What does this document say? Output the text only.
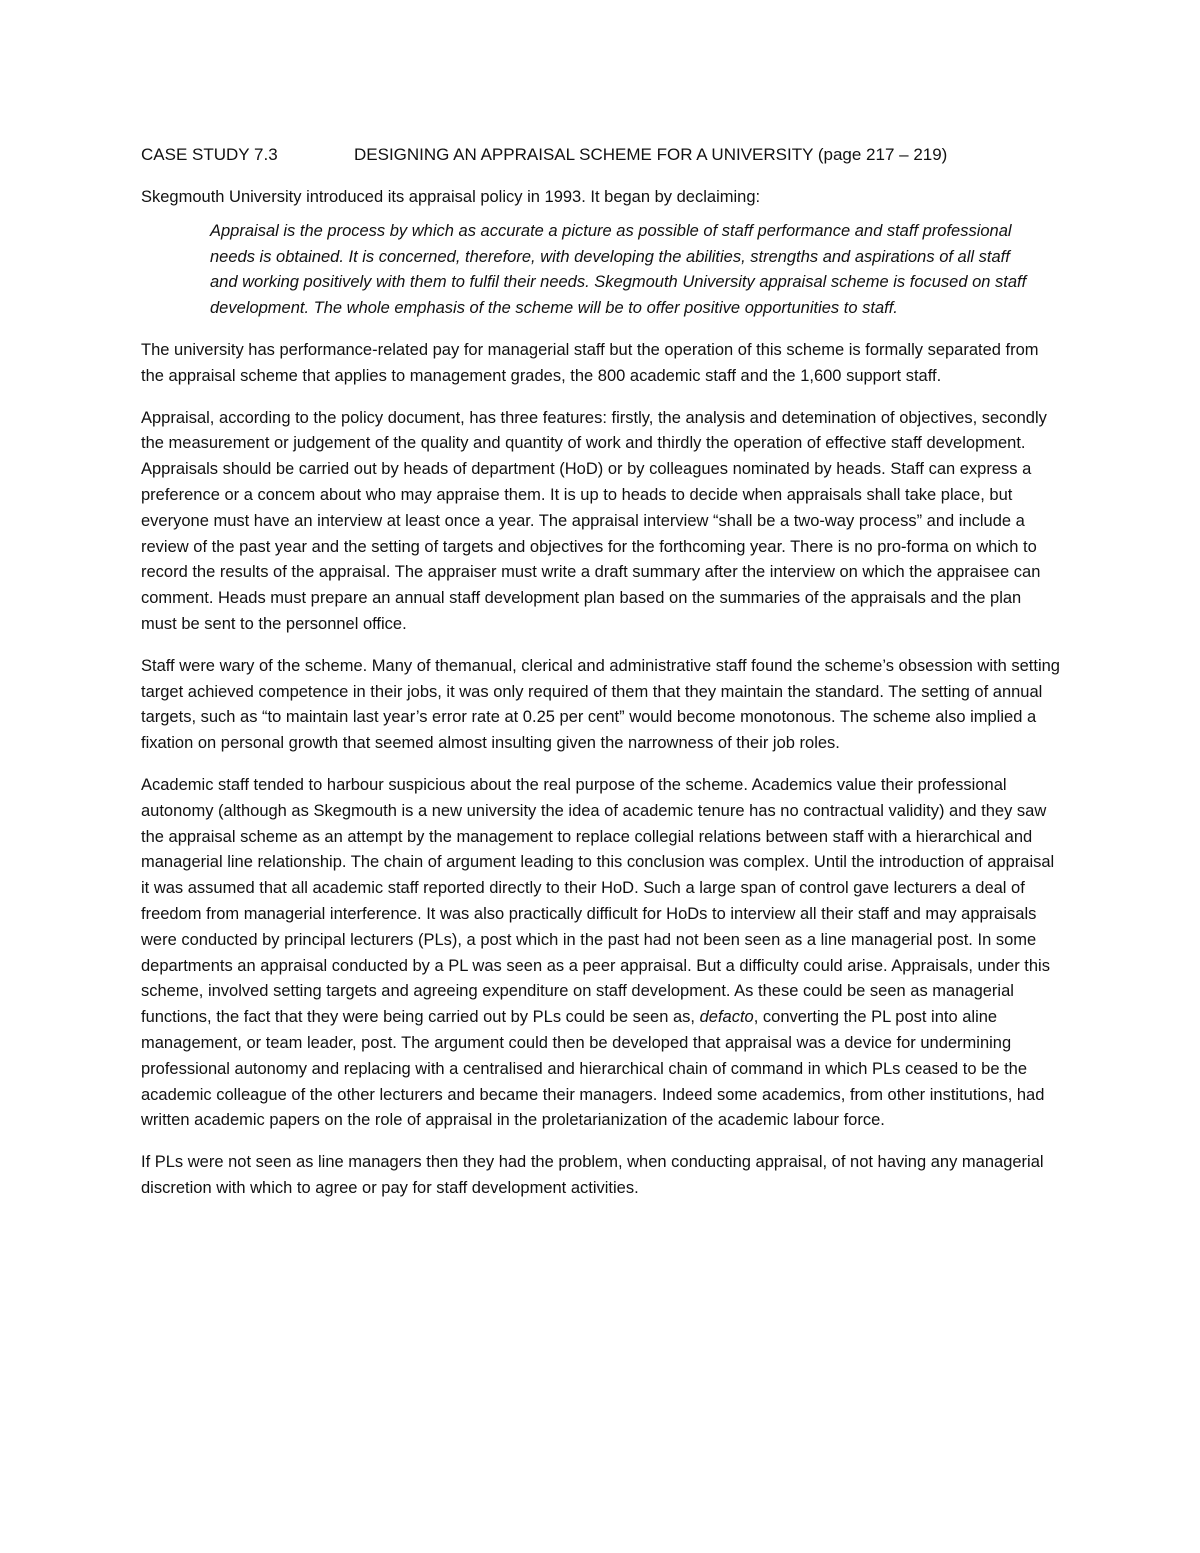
CASE STUDY 7.3	DESIGNING AN APPRAISAL SCHEME FOR A UNIVERSITY (page 217 – 219)

Skegmouth University introduced its appraisal policy in 1993. It began by declaiming:

Appraisal is the process by which as accurate a picture as possible of staff performance and staff professional needs is obtained. It is concerned, therefore, with developing the abilities, strengths and aspirations of all staff and working positively with them to fulfil their needs. Skegmouth University appraisal scheme is focused on staff development. The whole emphasis of the scheme will be to offer positive opportunities to staff.

The university has performance-related pay for managerial staff but the operation of this scheme is formally separated from the appraisal scheme that applies to management grades, the 800 academic staff and the 1,600 support staff.

Appraisal, according to the policy document, has three features: firstly, the analysis and detemination of objectives, secondly the measurement or judgement of the quality and quantity of work and thirdly the operation of effective staff development. Appraisals should be carried out by heads of department (HoD) or by colleagues nominated by heads. Staff can express a preference or a concem about who may appraise them. It is up to heads to decide when appraisals shall take place, but everyone must have an interview at least once a year. The appraisal interview “shall be a two-way process” and include a review of the past year and the setting of targets and objectives for the forthcoming year. There is no pro-forma on which to record the results of the appraisal. The appraiser must write a draft summary after the interview on which the appraisee can comment. Heads must prepare an annual staff development plan based on the summaries of the appraisals and the plan must be sent to the personnel office.

Staff were wary of the scheme. Many of themanual, clerical and administrative staff found the scheme’s obsession with setting target achieved competence in their jobs, it was only required of them that they maintain the standard. The setting of annual targets, such as “to maintain last year’s error rate at 0.25 per cent” would become monotonous. The scheme also implied a fixation on personal growth that seemed almost insulting given the narrowness of their job roles.

Academic staff tended to harbour suspicious about the real purpose of the scheme. Academics value their professional autonomy (although as Skegmouth is a new university the idea of academic tenure has no contractual validity) and they saw the appraisal scheme as an attempt by the management to replace collegial relations between staff with a hierarchical and managerial line relationship. The chain of argument leading to this conclusion was complex. Until the introduction of appraisal it was assumed that all academic staff reported directly to their HoD. Such a large span of control gave lecturers a deal of freedom from managerial interference. It was also practically difficult for HoDs to interview all their staff and may appraisals were conducted by principal lecturers (PLs), a post which in the past had not been seen as a line managerial post. In some departments an appraisal conducted by a PL was seen as a peer appraisal. But a difficulty could arise. Appraisals, under this scheme, involved setting targets and agreeing expenditure on staff development. As these could be seen as managerial functions, the fact that they were being carried out by PLs could be seen as, defacto, converting the PL post into aline management, or team leader, post. The argument could then be developed that appraisal was a device for undermining professional autonomy and replacing with a centralised and hierarchical chain of command in which PLs ceased to be the academic colleague of the other lecturers and became their managers. Indeed some academics, from other institutions, had written academic papers on the role of appraisal in the proletarianization of the academic labour force.

If PLs were not seen as line managers then they had the problem, when conducting appraisal, of not having any managerial discretion with which to agree or pay for staff development activities.
